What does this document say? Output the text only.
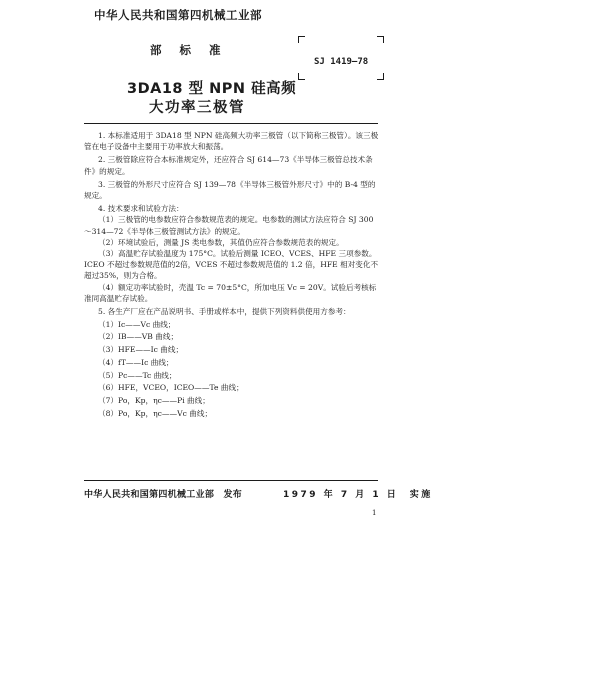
中华人民共和国第四机械工业部
部标准
SJ 1419—78
3DA18 型 NPN 硅高频
大功率三极管

1. 本标准适用于 3DA18 型 NPN 硅高频大功率三极管（以下简称三极管）。该三极管在电子设备中主要用于功率放大和振荡。

2. 三极管除应符合本标准规定外，还应符合 SJ 614—73《半导体三极管总技术条件》的规定。

3. 三极管的外形尺寸应符合 SJ 139—78《半导体三极管外形尺寸》中的 B-4 型的规定。

4. 技术要求和试验方法：

（1）三极管的电参数应符合参数规范表的规定。电参数的测试方法应符合 SJ 300～314—72《半导体三极管测试方法》的规定。

（2）环境试验后，测量 JS 类电参数，其值仍应符合参数规范表的规定。

（3）高温贮存试验温度为 175°C。试验后测量 ICEO、VCES、HFE 三项参数。ICEO 不超过参数规范值的2倍，VCES 不超过参数规范值的 1.2 倍，HFE 相对变化不超过35%，则为合格。

（4）额定功率试验时，壳温 Tc = 70±5°C，所加电压 Vc = 20V。试验后考核标准同高温贮存试验。

5. 各生产厂应在产品说明书、手册或样本中，提供下列资料供使用方参考：

（1）Ic——Vc 曲线；
（2）IB——VB 曲线；
（3）HFE——Ic 曲线；
（4）fT——Ic 曲线；
（5）Pc——Tc 曲线；
（6）HFE，VCEO，ICEO——Te 曲线；
（7）Po，Kp，ηc——Pi 曲线；
（8）Po，Kp，ηc——Vc 曲线；
中华人民共和国第四机械工业部　发布	1979 年 7 月 1 日　实施
1
